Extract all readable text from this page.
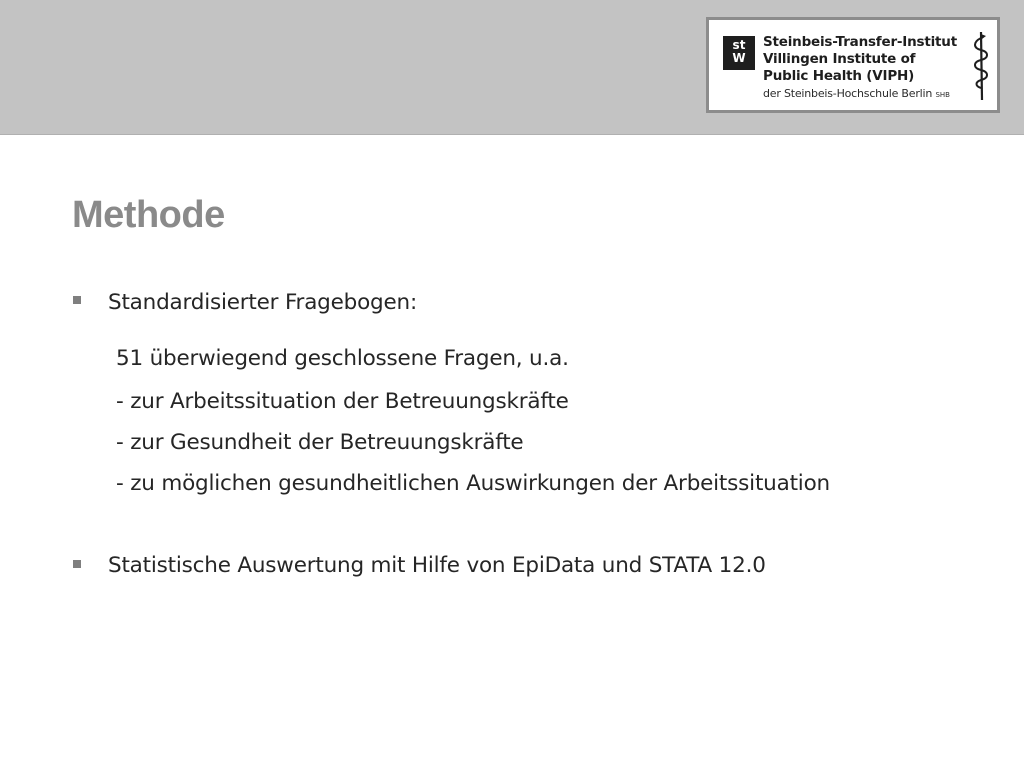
st
W
Steinbeis-Transfer-Institut
Villingen Institute of
Public Health (VIPH)
der Steinbeis-Hochschule Berlin SHB
Methode
Standardisierter Fragebogen:
51 überwiegend geschlossene Fragen, u.a.
- zur Arbeitssituation der Betreuungskräfte
- zur Gesundheit der Betreuungskräfte
- zu möglichen gesundheitlichen Auswirkungen der Arbeitssituation
Statistische Auswertung mit Hilfe von EpiData und STATA 12.0
